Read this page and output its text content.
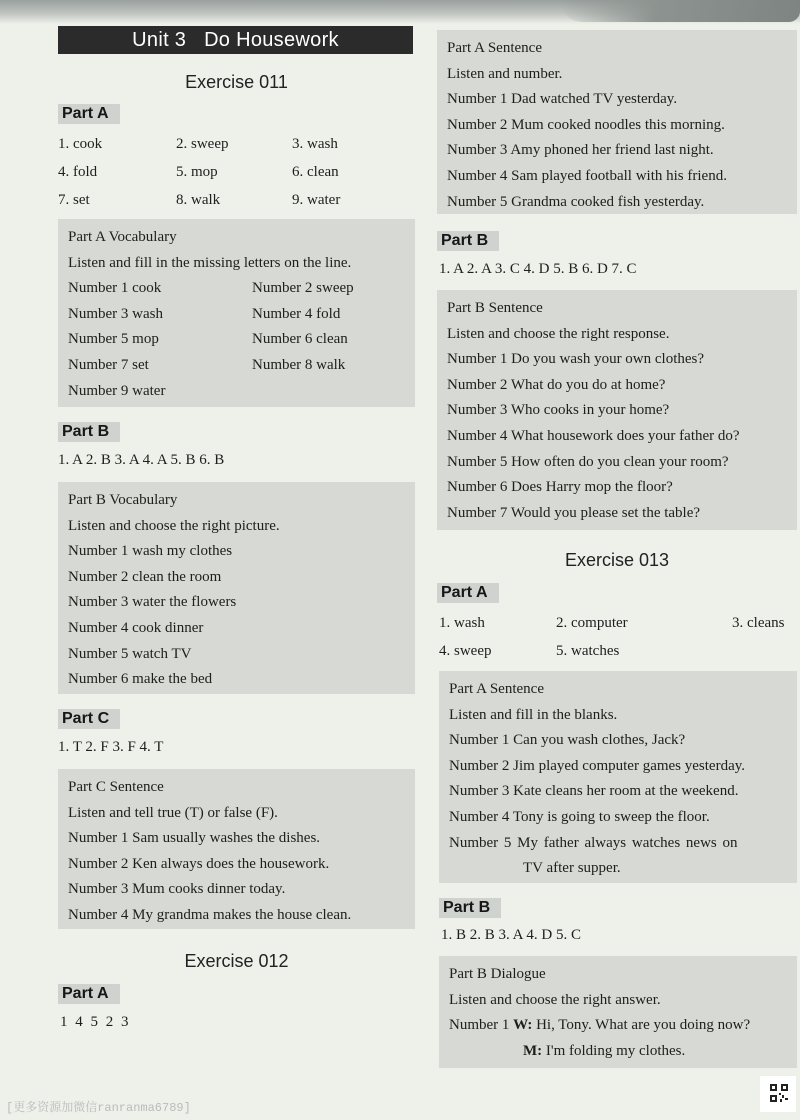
Unit 3 Do Housework
Exercise 011
Part A
1. cook	2. sweep	3. wash
4. fold	5. mop	6. clean
7. set	8. walk	9. water
Part A Vocabulary
Listen and fill in the missing letters on the line.
Number 1 cook	Number 2 sweep
Number 3 wash	Number 4 fold
Number 5 mop	Number 6 clean
Number 7 set	Number 8 walk
Number 9 water
Part B
1. A 2. B 3. A 4. A 5. B 6. B
Part B Vocabulary
Listen and choose the right picture.
Number 1 wash my clothes
Number 2 clean the room
Number 3 water the flowers
Number 4 cook dinner
Number 5 watch TV
Number 6 make the bed
Part C
1. T 2. F 3. F 4. T
Part C Sentence
Listen and tell true (T) or false (F).
Number 1 Sam usually washes the dishes.
Number 2 Ken always does the housework.
Number 3 Mum cooks dinner today.
Number 4 My grandma makes the house clean.
Exercise 012
Part A
1 4 5 2 3
Part A Sentence
Listen and number.
Number 1 Dad watched TV yesterday.
Number 2 Mum cooked noodles this morning.
Number 3 Amy phoned her friend last night.
Number 4 Sam played football with his friend.
Number 5 Grandma cooked fish yesterday.
Part B
1. A 2. A 3. C 4. D 5. B 6. D 7. C
Part B Sentence
Listen and choose the right response.
Number 1 Do you wash your own clothes?
Number 2 What do you do at home?
Number 3 Who cooks in your home?
Number 4 What housework does your father do?
Number 5 How often do you clean your room?
Number 6 Does Harry mop the floor?
Number 7 Would you please set the table?
Exercise 013
Part A
1. wash	2. computer	3. cleans
4. sweep	5. watches
Part A Sentence
Listen and fill in the blanks.
Number 1 Can you wash clothes, Jack?
Number 2 Jim played computer games yesterday.
Number 3 Kate cleans her room at the weekend.
Number 4 Tony is going to sweep the floor.
Number 5 My father always watches news on
TV after supper.
Part B
1. B 2. B 3. A 4. D 5. C
Part B Dialogue
Listen and choose the right answer.
Number 1 W: Hi, Tony. What are you doing now?
M: I'm folding my clothes.
[更多资源加微信ranranma6789]
